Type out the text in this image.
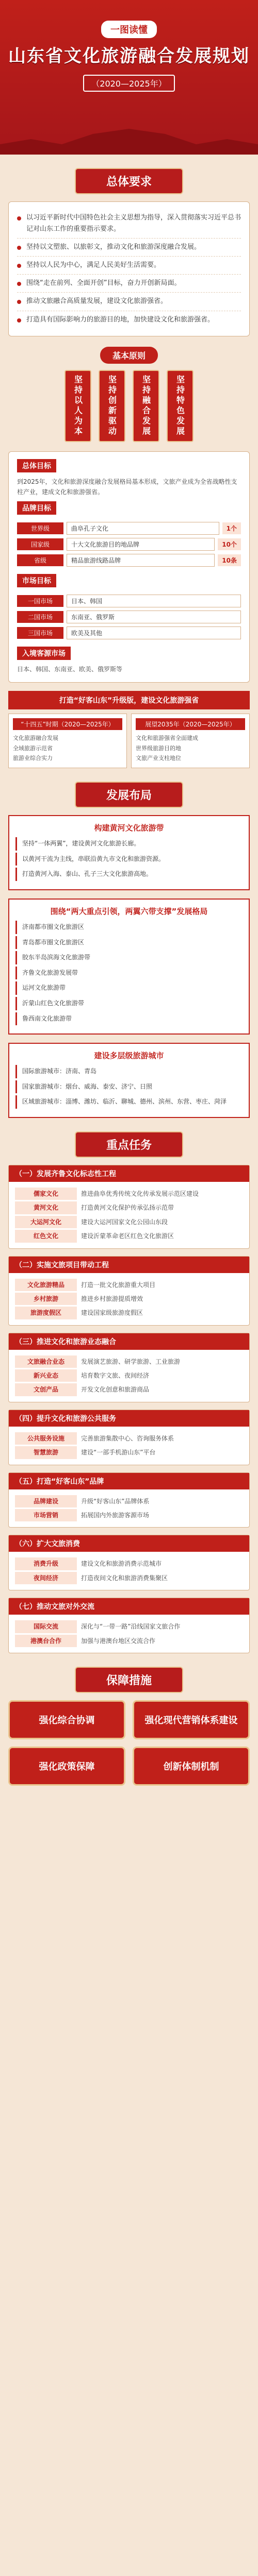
一图读懂
山东省文化旅游融合发展规划
（2020—2025年）
总体要求
以习近平新时代中国特色社会主义思想为指导，深入贯彻落实习近平总书记对山东工作的重要指示要求。
坚持以文塑旅、以旅彰文，推动文化和旅游深度融合发展。
坚持以人民为中心，满足人民美好生活需要。
围绕“走在前列、全面开创”目标，奋力开创新局面。
推动文旅融合高质量发展，建设文化旅游强省。
打造具有国际影响力的旅游目的地，加快建设文化和旅游强省。
基本原则
坚持以人为本	坚持创新驱动	坚持融合发展	坚持特色发展
总体目标

到2025年，文化和旅游深度融合发展格局基本形成，文旅产业成为全省战略性支柱产业，建成文化和旅游强省。

品牌目标
世界级	曲阜孔子文化	1个
国家级	十大文化旅游目的地品牌	10个
省级	精品旅游线路品牌	10条
市场目标
一国市场	日本、韩国
二国市场	东南亚、俄罗斯
三国市场	欧美及其他
入境客源市场

日本、韩国、东南亚、欧美、俄罗斯等

打造“好客山东”升级版，建设文化旅游强省
“十四五”时期（2020—2025年）
文化旅游融合发展
全域旅游示范省
旅游业综合实力
展望2035年（2020—2025年）
文化和旅游强省全面建成
世界级旅游目的地
文旅产业支柱地位
发展布局
构建黄河文化旅游带
坚持“一体两翼”，建设黄河文化旅游长廊。
以黄河干流为主线，串联沿黄九市文化和旅游资源。
打造黄河入海、泰山、孔子三大文化旅游高地。
围绕“两大重点引领，两翼六带支撑”发展格局
济南都市圈文化旅游区
青岛都市圈文化旅游区
胶东半岛滨海文化旅游带
齐鲁文化旅游发展带
运河文化旅游带
沂蒙山红色文化旅游带
鲁西南文化旅游带
建设多层级旅游城市
国际旅游城市：济南、青岛
国家旅游城市：烟台、威海、泰安、济宁、日照
区域旅游城市：淄博、潍坊、临沂、聊城、德州、滨州、东营、枣庄、菏泽
重点任务
（一）发展齐鲁文化标志性工程
儒家文化	推进曲阜优秀传统文化传承发展示范区建设
黄河文化	打造黄河文化保护传承弘扬示范带
大运河文化	建设大运河国家文化公园山东段
红色文化	建设沂蒙革命老区红色文化旅游区
（二）实施文旅项目带动工程
文化旅游精品	打造一批文化旅游重大项目
乡村旅游	推进乡村旅游提质增效
旅游度假区	建设国家级旅游度假区
（三）推进文化和旅游业态融合
文旅融合业态	发展演艺旅游、研学旅游、工业旅游
新兴业态	培育数字文旅、夜间经济
文创产品	开发文化创意和旅游商品
（四）提升文化和旅游公共服务
公共服务设施	完善旅游集散中心、咨询服务体系
智慧旅游	建设“一部手机游山东”平台
（五）打造“好客山东”品牌
品牌建设	升级“好客山东”品牌体系
市场营销	拓展国内外旅游客源市场
（六）扩大文旅消费
消费升级	建设文化和旅游消费示范城市
夜间经济	打造夜间文化和旅游消费集聚区
（七）推动文旅对外交流
国际交流	深化与“一带一路”沿线国家文旅合作
港澳台合作	加强与港澳台地区交流合作
保障措施
强化综合协调	强化现代营销体系建设
强化政策保障	创新体制机制
